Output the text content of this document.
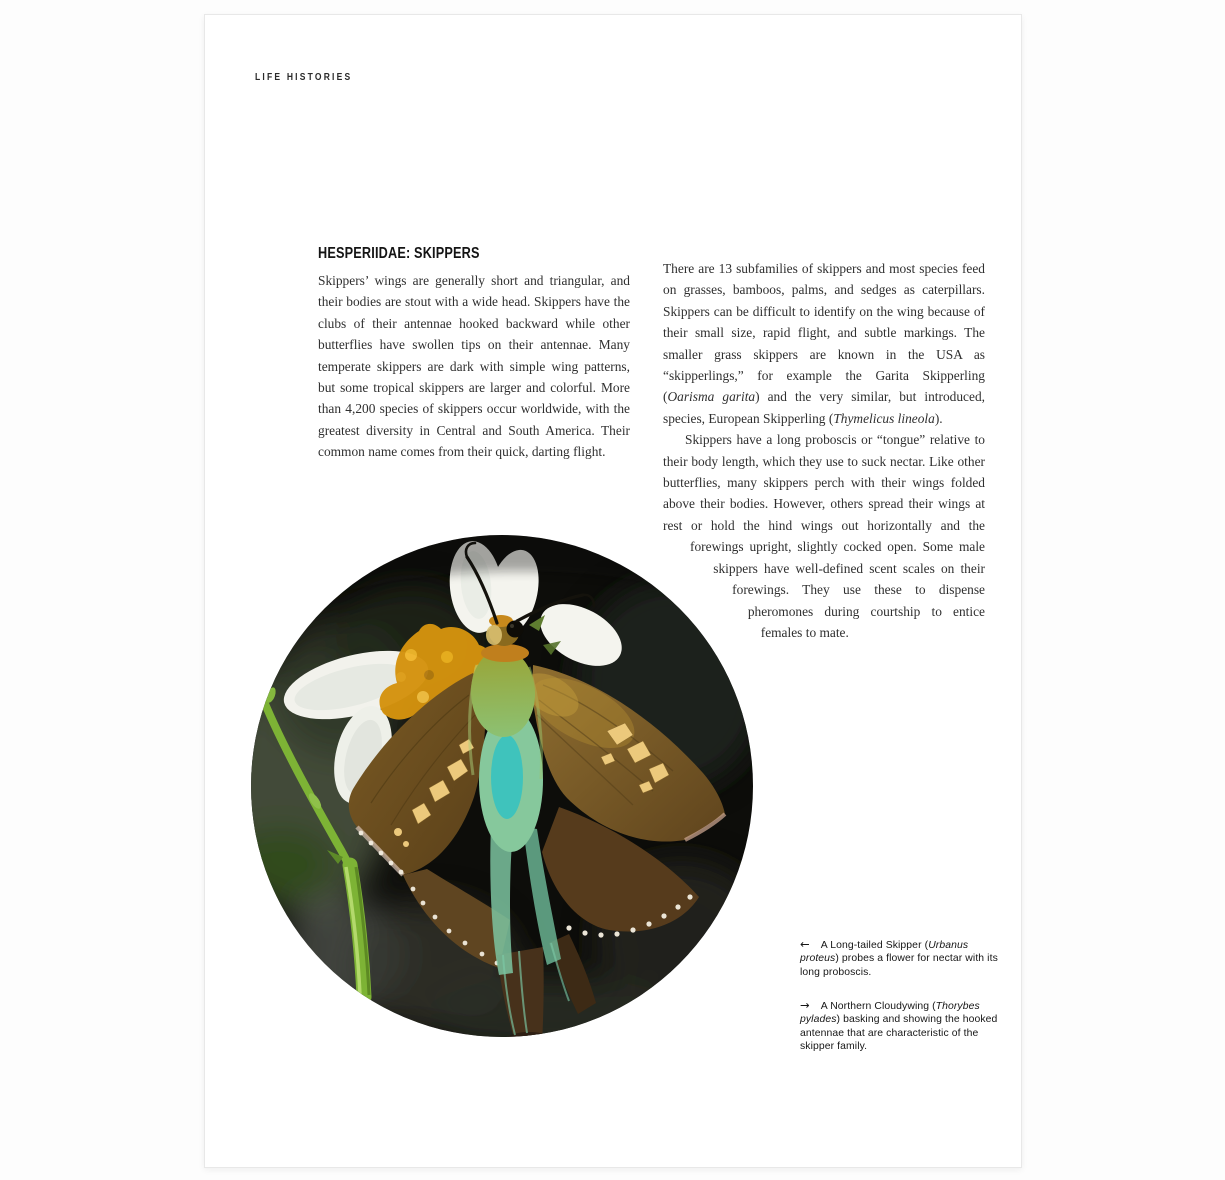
LIFE HISTORIES
HESPERIIDAE: SKIPPERS

Skippers’ wings are generally short and triangular, and their bodies are stout with a wide head. Skippers have the clubs of their antennae hooked backward while other butterflies have swollen tips on their antennae. Many temperate skippers are dark with simple wing patterns, but some tropical skippers are larger and colorful. More than 4,200 species of skippers occur worldwide, with the greatest diversity in Central and South America. Their common name comes from their quick, darting flight.

There are 13 subfamilies of skippers and most species feed on grasses, bamboos, palms, and sedges as caterpillars. Skippers can be difficult to identify on the wing because of their small size, rapid flight, and subtle markings. The smaller grass skippers are known in the USA as “skipperlings,” for example the Garita Skipperling (Oarisma garita) and the very similar, but introduced, species, European Skipperling (Thymelicus lineola).

Skippers have a long proboscis or “tongue” relative to their body length, which they use to suck nectar. Like other butterflies, many skippers perch with their wings folded above their bodies. However, others spread their wings at rest or hold the hind wings out horizontally and the forewings upright, slightly cocked open. Some male skippers have well-defined scent scales on their forewings. They use these to dispense pheromones during courtship to entice females to mate.

← A Long-tailed Skipper (Urbanus proteus) probes a flower for nectar with its long proboscis.
→ A Northern Cloudywing (Thorybes pylades) basking and showing the hooked antennae that are characteristic of the skipper family.
